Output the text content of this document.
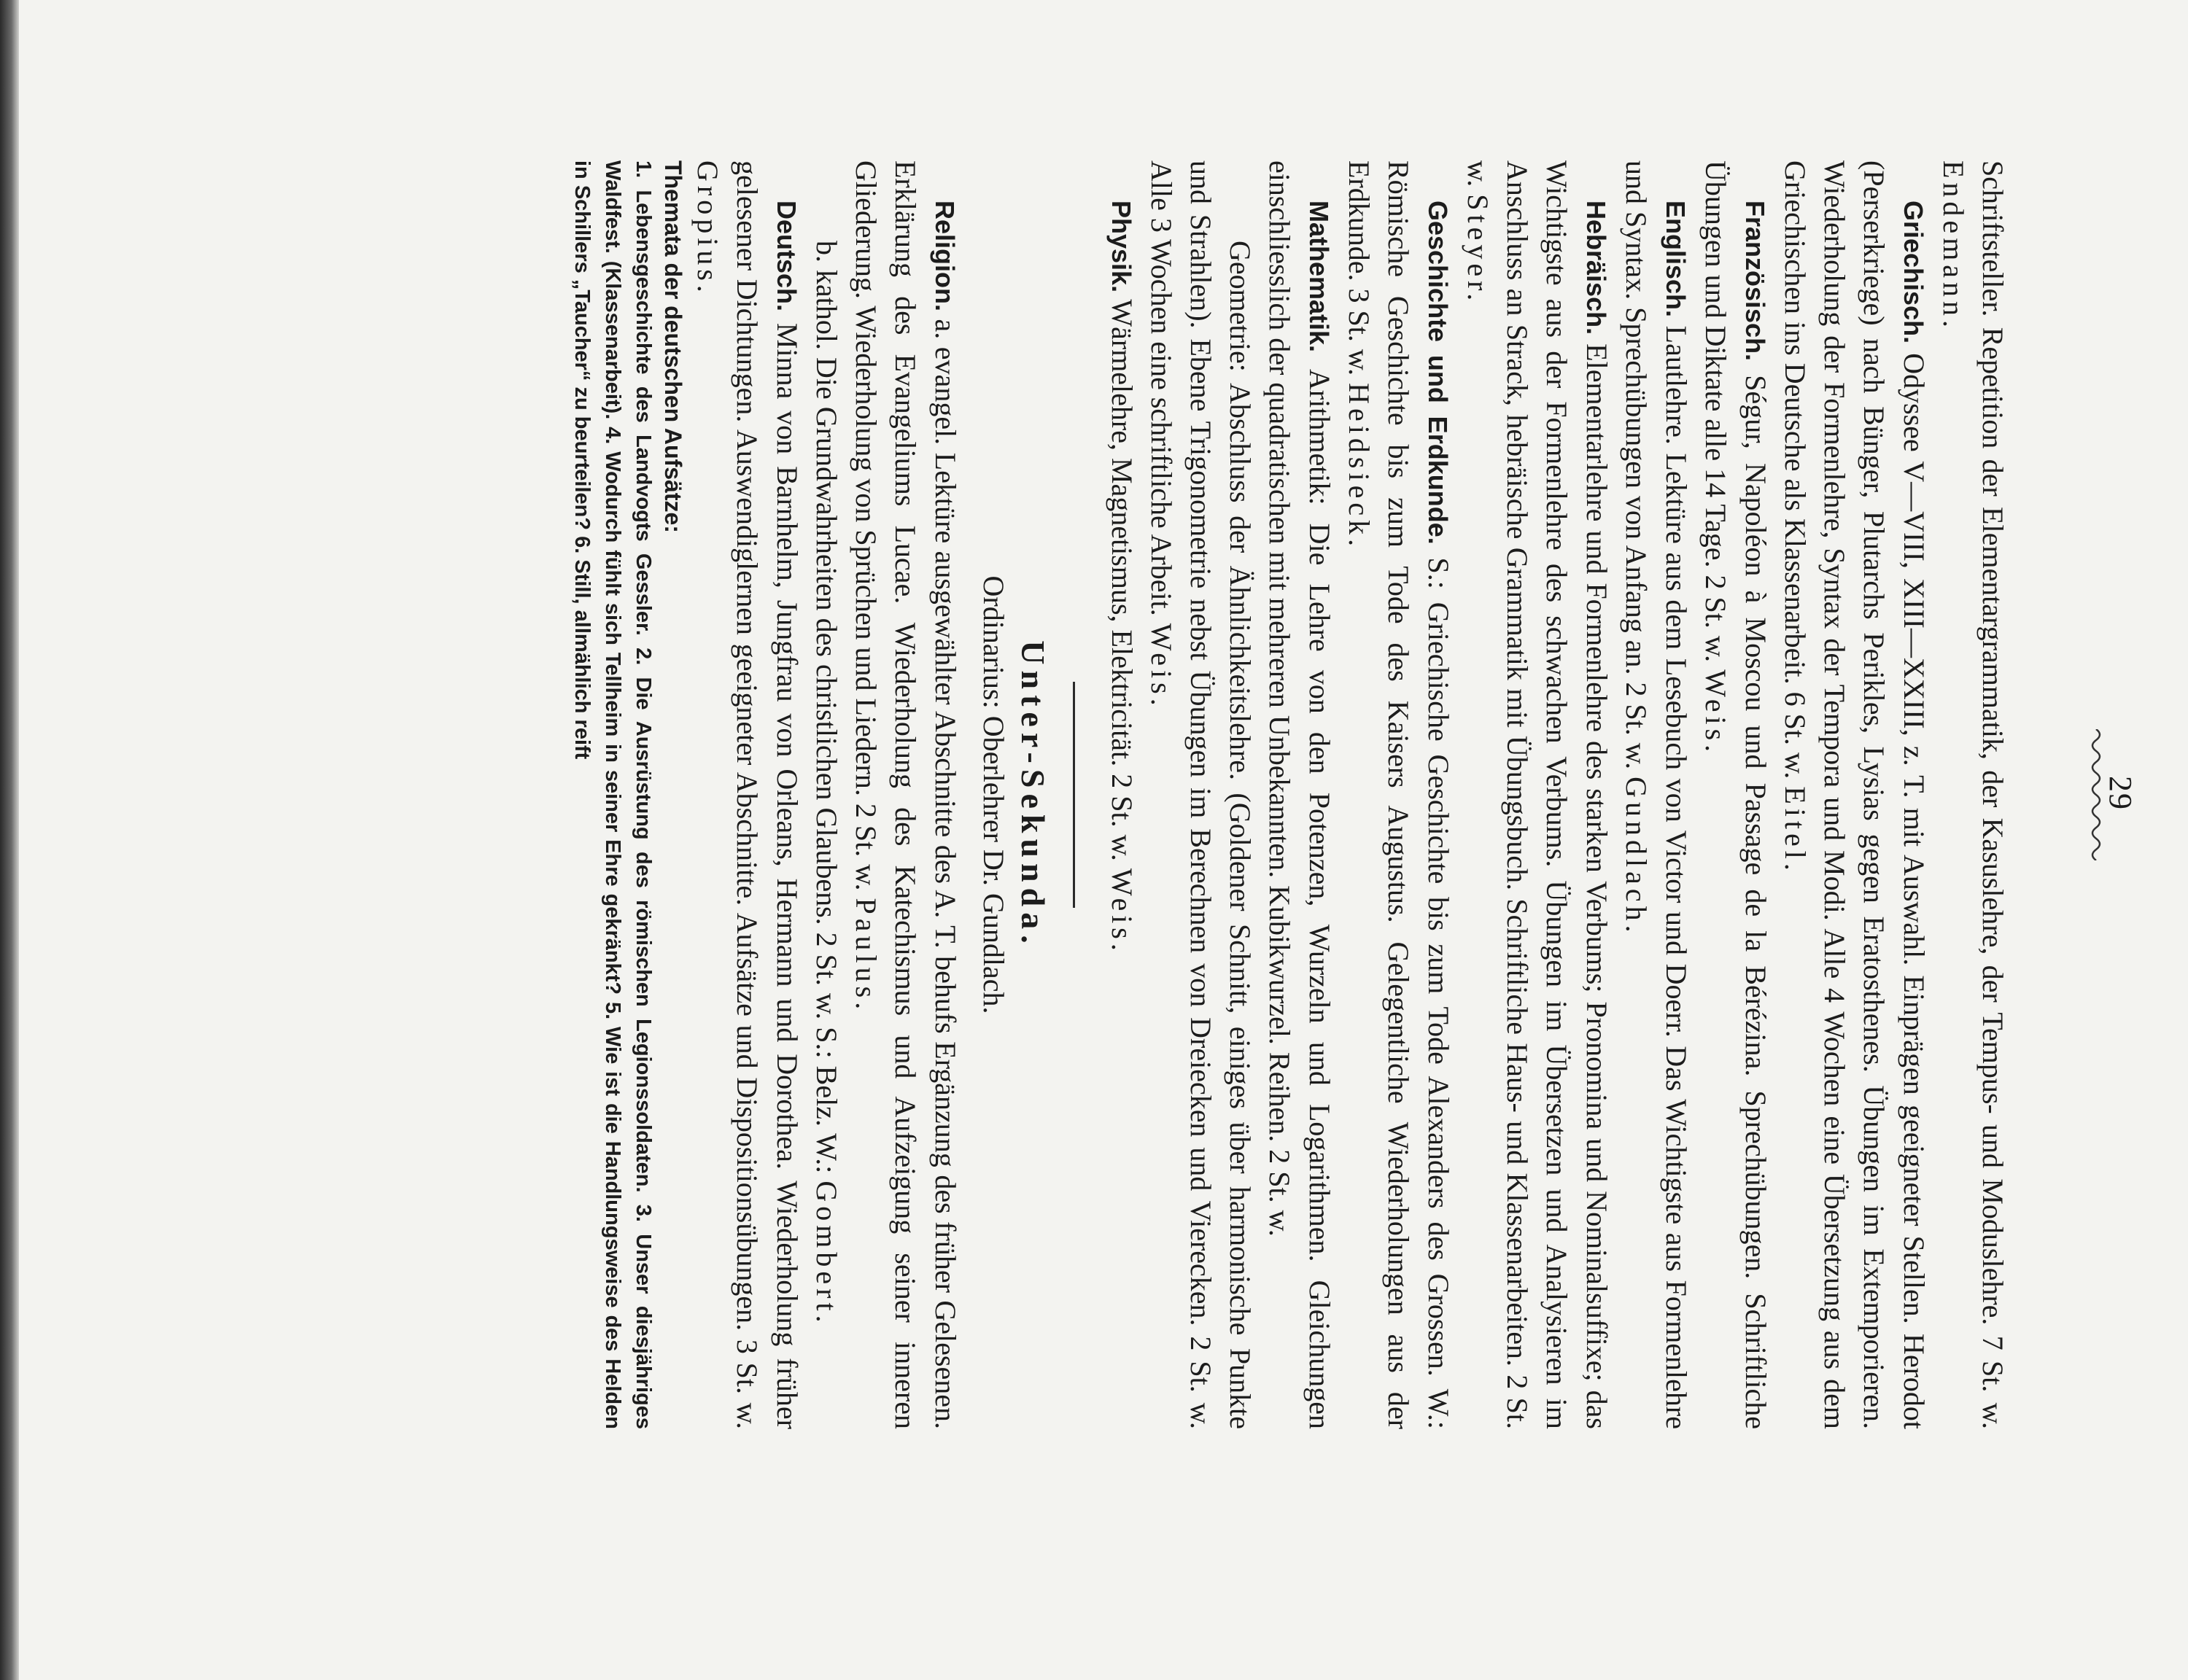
29

Schriftsteller. Repetition der Elementargrammatik, der Kasuslehre, der Tempus- und Moduslehre. 7 St. w. Endemann.

Griechisch. Odyssee V—VIII, XIII—XXIII, z. T. mit Auswahl. Einprägen geeigneter Stellen. Herodot (Perserkriege) nach Bünger, Plutarchs Perikles, Lysias gegen Eratosthenes. Übungen im Extemporieren. Wiederholung der Formenlehre, Syntax der Tempora und Modi. Alle 4 Wochen eine Übersetzung aus dem Griechischen ins Deutsche als Klassenarbeit. 6 St. w. Eitel.

Französisch. Ségur, Napoléon à Moscou und Passage de la Bérézina. Sprechübungen. Schriftliche Übungen und Diktate alle 14 Tage. 2 St. w. Weis.

Englisch. Lautlehre. Lektüre aus dem Lesebuch von Victor und Doerr. Das Wichtigste aus Formenlehre und Syntax. Sprechübungen von Anfang an. 2 St. w. Gundlach.

Hebräisch. Elementarlehre und Formenlehre des starken Verbums; Pronomina und Nominalsuffixe; das Wichtigste aus der Formenlehre des schwachen Verbums. Übungen im Übersetzen und Analysieren im Anschluss an Strack, hebräische Grammatik mit Übungsbuch. Schriftliche Haus- und Klassenarbeiten. 2 St. w. Steyer.

Geschichte und Erdkunde. S.: Griechische Geschichte bis zum Tode Alexanders des Grossen. W.: Römische Geschichte bis zum Tode des Kaisers Augustus. Gelegentliche Wiederholungen aus der Erdkunde. 3 St. w. Heidsieck.

Mathematik. Arithmetik: Die Lehre von den Potenzen, Wurzeln und Logarithmen. Gleichungen einschliesslich der quadratischen mit mehreren Unbekannten. Kubikwurzel. Reihen. 2 St. w.

Geometrie: Abschluss der Ähnlichkeitslehre. (Goldener Schnitt, einiges über harmonische Punkte und Strahlen). Ebene Trigonometrie nebst Übungen im Berechnen von Dreiecken und Vierecken. 2 St. w. Alle 3 Wochen eine schriftliche Arbeit. Weis.

Physik. Wärmelehre, Magnetismus, Elektricität. 2 St. w. Weis.

Unter-Sekunda.
Ordinarius: Oberlehrer Dr. Gundlach.

Religion. a. evangel. Lektüre ausgewählter Abschnitte des A. T. behufs Ergänzung des früher Gelesenen. Erklärung des Evangeliums Lucae. Wiederholung des Katechismus und Aufzeigung seiner inneren Gliederung. Wiederholung von Sprüchen und Liedern. 2 St. w. Paulus.

b. kathol. Die Grundwahrheiten des christlichen Glaubens. 2 St. w. S.: Belz. W.: Gombert.

Deutsch. Minna von Barnhelm, Jungfrau von Orleans, Hermann und Dorothea. Wiederholung früher gelesener Dichtungen. Auswendiglernen geeigneter Abschnitte. Aufsätze und Dispositionsübungen. 3 St. w. Gropius.

Themata der deutschen Aufsätze:

1. Lebensgeschichte des Landvogts Gessler. 2. Die Ausrüstung des römischen Legionssoldaten. 3. Unser diesjähriges Waldfest. (Klassenarbeit). 4. Wodurch fühlt sich Tellheim in seiner Ehre gekränkt? 5. Wie ist die Handlungsweise des Helden in Schillers „Taucher“ zu beurteilen? 6. Still, allmählich reift
